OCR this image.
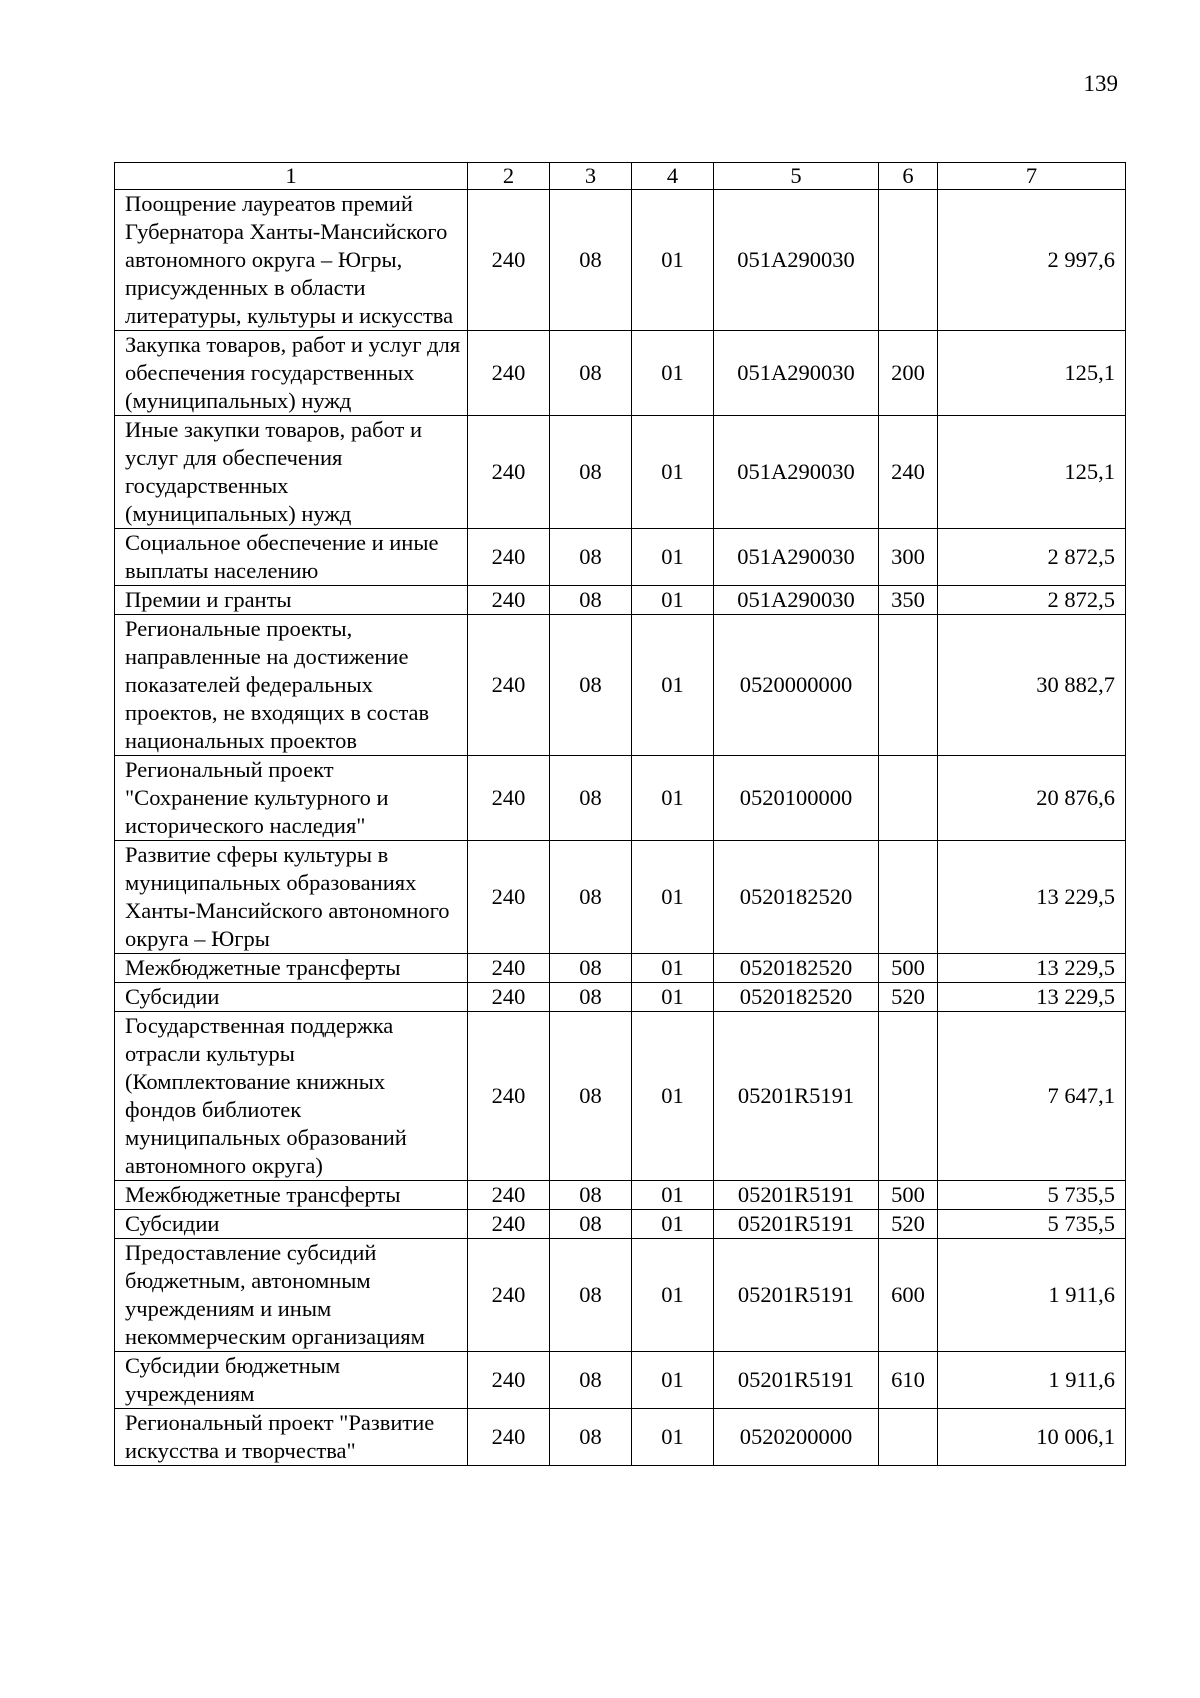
139
1	2	3	4	5	6	7
Поощрение лауреатов премий Губернатора Ханты-Мансийского автономного округа – Югры, присужденных в области литературы, культуры и искусства	240	08	01	051A290030		2 997,6
Закупка товаров, работ и услуг для обеспечения государственных (муниципальных) нужд	240	08	01	051A290030	200	125,1
Иные закупки товаров, работ и услуг для обеспечения государственных (муниципальных) нужд	240	08	01	051A290030	240	125,1
Социальное обеспечение и иные выплаты населению	240	08	01	051A290030	300	2 872,5
Премии и гранты	240	08	01	051A290030	350	2 872,5
Региональные проекты, направленные на достижение показателей федеральных проектов, не входящих в состав национальных проектов	240	08	01	0520000000		30 882,7
Региональный проект "Сохранение культурного и исторического наследия"	240	08	01	0520100000		20 876,6
Развитие сферы культуры в муниципальных образованиях Ханты-Мансийского автономного округа – Югры	240	08	01	0520182520		13 229,5
Межбюджетные трансферты	240	08	01	0520182520	500	13 229,5
Субсидии	240	08	01	0520182520	520	13 229,5
Государственная поддержка отрасли культуры (Комплектование книжных фондов библиотек муниципальных образований автономного округа)	240	08	01	05201R5191		7 647,1
Межбюджетные трансферты	240	08	01	05201R5191	500	5 735,5
Субсидии	240	08	01	05201R5191	520	5 735,5
Предоставление субсидий бюджетным, автономным учреждениям и иным некоммерческим организациям	240	08	01	05201R5191	600	1 911,6
Субсидии бюджетным учреждениям	240	08	01	05201R5191	610	1 911,6
Региональный проект "Развитие искусства и творчества"	240	08	01	0520200000		10 006,1
